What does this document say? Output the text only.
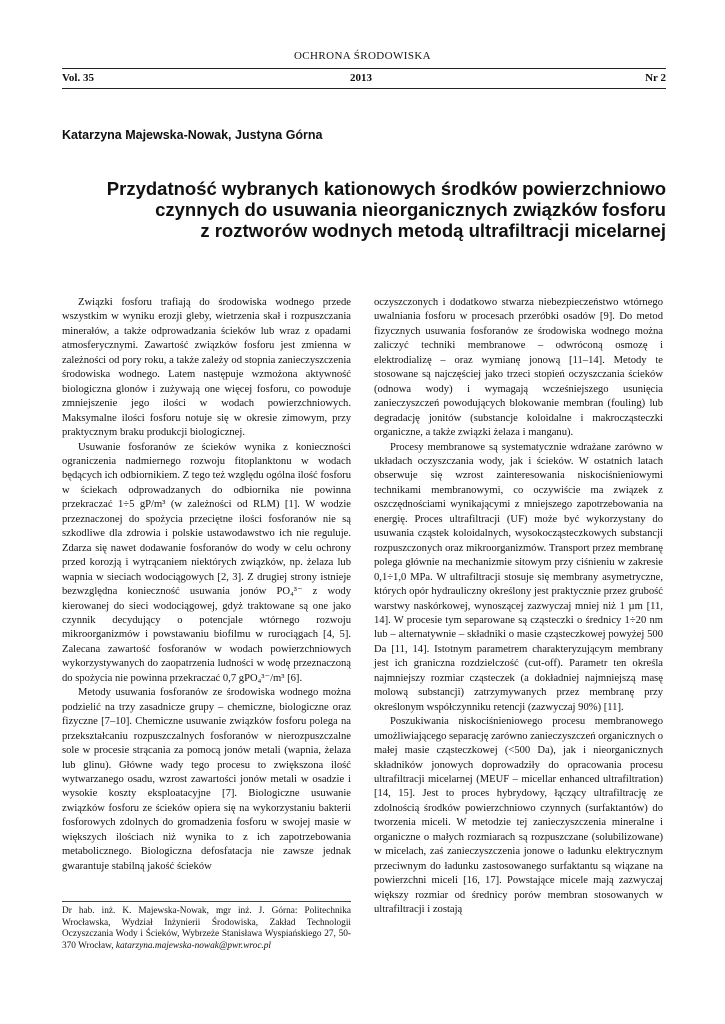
OCHRONA ŚRODOWISKA
Vol. 35	2013	Nr 2
Katarzyna Majewska-Nowak, Justyna Górna
Przydatność wybranych kationowych środków powierzchniowo
czynnych do usuwania nieorganicznych związków fosforu
z roztworów wodnych metodą ultrafiltracji micelarnej

Związki fosforu trafiają do środowiska wodnego przede wszystkim w wyniku erozji gleby, wietrzenia skał i rozpuszczania minerałów, a także odprowadzania ścieków lub wraz z opadami atmosferycznymi. Zawartość związków fosforu jest zmienna w zależności od pory roku, a także zależy od stopnia zanieczyszczenia środowiska wodnego. Latem następuje wzmożona aktywność biologiczna glonów i zużywają one więcej fosforu, co powoduje zmniejszenie jego ilości w wodach powierzchniowych. Maksymalne ilości fosforu notuje się w okresie zimowym, przy praktycznym braku produkcji biologicznej.

Usuwanie fosforanów ze ścieków wynika z konieczności ograniczenia nadmiernego rozwoju fitoplanktonu w wodach będących ich odbiornikiem. Z tego też względu ogólna ilość fosforu w ściekach odprowadzanych do odbiornika nie powinna przekraczać 1÷5 gP/m³ (w zależności od RLM) [1]. W wodzie przeznaczonej do spożycia przeciętne ilości fosforanów nie są szkodliwe dla zdrowia i polskie ustawodawstwo ich nie reguluje. Zdarza się nawet dodawanie fosforanów do wody w celu ochrony przed korozją i wytrącaniem niektórych związków, np. żelaza lub wapnia w sieciach wodociągowych [2, 3]. Z drugiej strony istnieje bezwzględna konieczność usuwania jonów PO₄³⁻ z wody kierowanej do sieci wodociągowej, gdyż traktowane są one jako czynnik decydujący o potencjale wtórnego rozwoju mikroorganizmów i powstawaniu biofilmu w rurociągach [4, 5]. Zalecana zawartość fosforanów w wodach powierzchniowych wykorzystywanych do zaopatrzenia ludności w wodę przeznaczoną do spożycia nie powinna przekraczać 0,7 gPO₄³⁻/m³ [6].

Metody usuwania fosforanów ze środowiska wodnego można podzielić na trzy zasadnicze grupy – chemiczne, biologiczne oraz fizyczne [7–10]. Chemiczne usuwanie związków fosforu polega na przekształcaniu rozpuszczalnych fosforanów w nierozpuszczalne sole w procesie strącania za pomocą jonów metali (wapnia, żelaza lub glinu). Główne wady tego procesu to zwiększona ilość wytwarzanego osadu, wzrost zawartości jonów metali w osadzie i wysokie koszty eksploatacyjne [7]. Biologiczne usuwanie związków fosforu ze ścieków opiera się na wykorzystaniu bakterii fosforowych zdolnych do gromadzenia fosforu w swojej masie w większych ilościach niż wynika to z ich zapotrzebowania metabolicznego. Biologiczna defosfatacja nie zawsze jednak gwarantuje stabilną jakość ścieków

oczyszczonych i dodatkowo stwarza niebezpieczeństwo wtórnego uwalniania fosforu w procesach przeróbki osadów [9]. Do metod fizycznych usuwania fosforanów ze środowiska wodnego można zaliczyć techniki membranowe – odwróconą osmozę i elektrodializę – oraz wymianę jonową [11–14]. Metody te stosowane są najczęściej jako trzeci stopień oczyszczania ścieków (odnowa wody) i wymagają wcześniejszego usunięcia zanieczyszczeń powodujących blokowanie membran (fouling) lub degradację jonitów (substancje koloidalne i makrocząsteczki organiczne, a także związki żelaza i manganu).

Procesy membranowe są systematycznie wdrażane zarówno w układach oczyszczania wody, jak i ścieków. W ostatnich latach obserwuje się wzrost zainteresowania niskociśnieniowymi technikami membranowymi, co oczywiście ma związek z oszczędnościami wynikającymi z mniejszego zapotrzebowania na energię. Proces ultrafiltracji (UF) może być wykorzystany do usuwania cząstek koloidalnych, wysokocząsteczkowych substancji rozpuszczonych oraz mikroorganizmów. Transport przez membranę polega głównie na mechanizmie sitowym przy ciśnieniu w zakresie 0,1÷1,0 MPa. W ultrafiltracji stosuje się membrany asymetryczne, których opór hydrauliczny określony jest praktycznie przez grubość warstwy naskórkowej, wynoszącej zazwyczaj mniej niż 1 µm [11, 14]. W procesie tym separowane są cząsteczki o średnicy 1÷20 nm lub – alternatywnie – składniki o masie cząsteczkowej powyżej 500 Da [11, 14]. Istotnym parametrem charakteryzującym membrany jest ich graniczna rozdzielczość (cut-off). Parametr ten określa najmniejszy rozmiar cząsteczek (a dokładniej najmniejszą masę molową substancji) zatrzymywanych przez membranę przy określonym współczynniku retencji (zazwyczaj 90%) [11].

Poszukiwania niskociśnieniowego procesu membranowego umożliwiającego separację zarówno zanieczyszczeń organicznych o małej masie cząsteczkowej (<500 Da), jak i nieorganicznych składników jonowych doprowadziły do opracowania procesu ultrafiltracji micelarnej (MEUF – micellar enhanced ultrafiltration) [14, 15]. Jest to proces hybrydowy, łączący ultrafiltrację ze zdolnością środków powierzchniowo czynnych (surfaktantów) do tworzenia miceli. W metodzie tej zanieczyszczenia mineralne i organiczne o małych rozmiarach są rozpuszczane (solubilizowane) w micelach, zaś zanieczyszczenia jonowe o ładunku elektrycznym przeciwnym do ładunku zastosowanego surfaktantu są wiązane na powierzchni miceli [16, 17]. Powstające micele mają zazwyczaj większy rozmiar od średnicy porów membran stosowanych w ultrafiltracji i zostają

Dr hab. inż. K. Majewska-Nowak, mgr inż. J. Górna: Politechnika Wrocławska, Wydział Inżynierii Środowiska, Zakład Technologii Oczyszczania Wody i Ścieków, Wybrzeże Stanisława Wyspiańskiego 27, 50-370 Wrocław, katarzyna.majewska-nowak@pwr.wroc.pl
